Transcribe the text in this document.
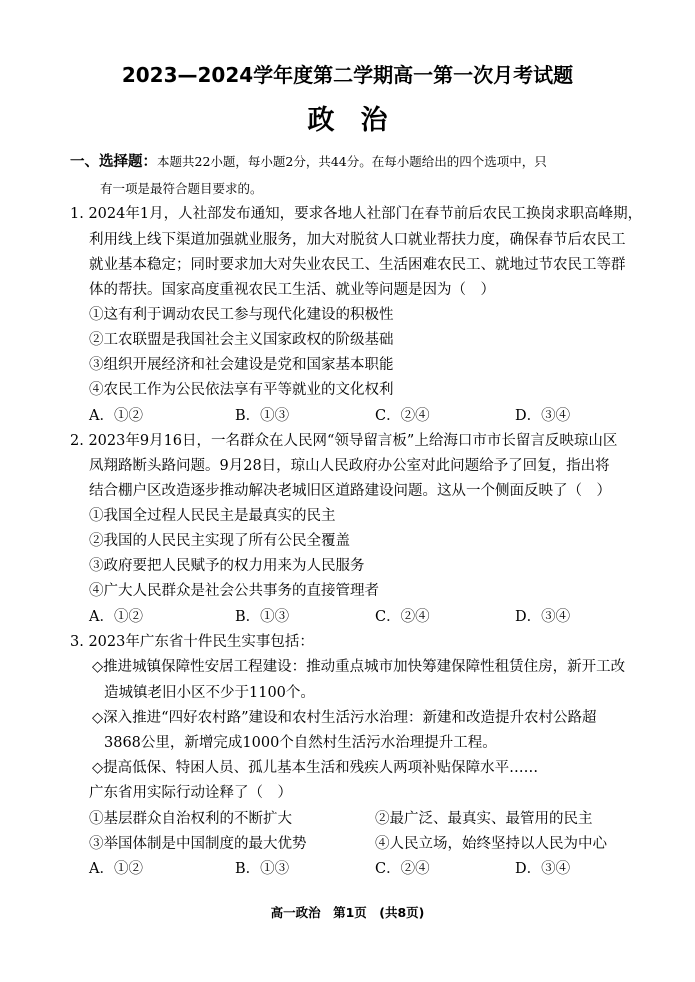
2023—2024学年度第二学期高一第一次月考试题
政治
一、选择题：本题共22小题，每小题2分，共44分。在每小题给出的四个选项中，只
有一项是最符合题目要求的。
1. 2024年1月，人社部发布通知，要求各地人社部门在春节前后农民工换岗求职高峰期，
利用线上线下渠道加强就业服务，加大对脱贫人口就业帮扶力度，确保春节后农民工
就业基本稳定；同时要求加大对失业农民工、生活困难农民工、就地过节农民工等群
体的帮扶。国家高度重视农民工生活、就业等问题是因为（　）
①这有利于调动农民工参与现代化建设的积极性
②工农联盟是我国社会主义国家政权的阶级基础
③组织开展经济和社会建设是党和国家基本职能
④农民工作为公民依法享有平等就业的文化权利
A．①②	B．①③	C．②④	D．③④
2. 2023年9月16日，一名群众在人民网“领导留言板”上给海口市市长留言反映琼山区
凤翔路断头路问题。9月28日，琼山人民政府办公室对此问题给予了回复，指出将
结合棚户区改造逐步推动解决老城旧区道路建设问题。这从一个侧面反映了（　）
①我国全过程人民民主是最真实的民主
②我国的人民民主实现了所有公民全覆盖
③政府要把人民赋予的权力用来为人民服务
④广大人民群众是社会公共事务的直接管理者
A．①②	B．①③	C．②④	D．③④
3. 2023年广东省十件民生实事包括：
◇推进城镇保障性安居工程建设：推动重点城市加快筹建保障性租赁住房，新开工改
造城镇老旧小区不少于1100个。
◇深入推进“四好农村路”建设和农村生活污水治理：新建和改造提升农村公路超
3868公里，新增完成1000个自然村生活污水治理提升工程。
◇提高低保、特困人员、孤儿基本生活和残疾人两项补贴保障水平……
广东省用实际行动诠释了（　）
①基层群众自治权利的不断扩大	②最广泛、最真实、最管用的民主
③举国体制是中国制度的最大优势	④人民立场，始终坚持以人民为中心
A．①②	B．①③	C．②④	D．③④
高一政治　第1页　(共8页)
